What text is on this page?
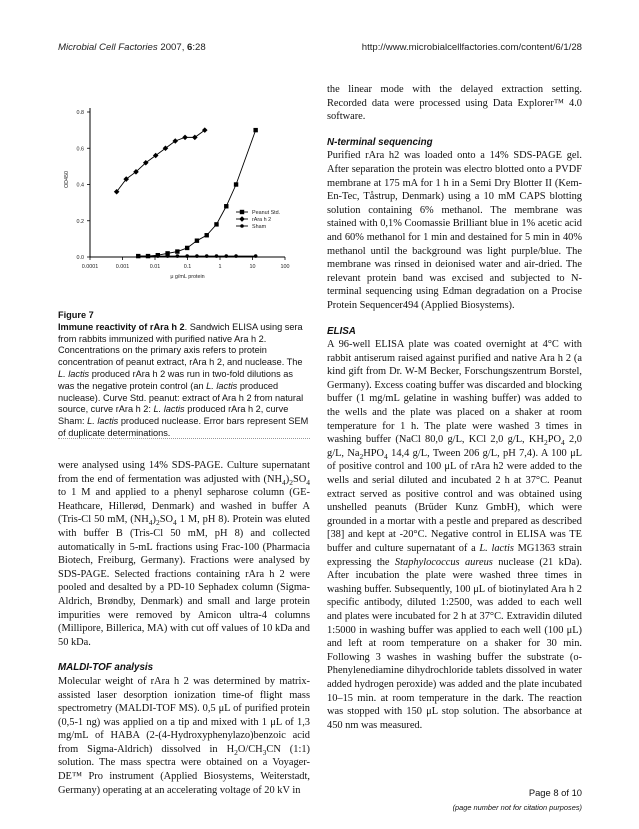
Microbial Cell Factories 2007, 6:28	http://www.microbialcellfactories.com/content/6/1/28
0.0001	0.001	0.01	0.1	1	10	100
0.0
0.2
0.4
0.6
0.8
μ g/mL protein
OD450
Peanut Std.
rAra h 2
Sham
Figure 7
Immune reactivity of rAra h 2. Sandwich ELISA using sera from rabbits immunized with purified native Ara h 2. Concentrations on the primary axis refers to protein concentration of peanut extract, rAra h 2, and nuclease. The L. lactis produced rAra h 2 was run in two-fold dilutions as was the negative protein control (an L. lactis produced nuclease). Curve Std. peanut: extract of Ara h 2 from natural source, curve rAra h 2: L. lactis produced rAra h 2, curve Sham: L. lactis produced nuclease. Error bars represent SEM of duplicate determinations.

were analysed using 14% SDS-PAGE. Culture supernatant from the end of fermentation was adjusted with $(NH_4)_2SO_4$ to 1 M and applied to a phenyl sepharose column (GE-Heathcare, Hillerød, Denmark) and washed in buffer A (Tris-Cl 50 mM, $(NH_4)_2SO_4$ 1 M, pH 8). Protein was eluted with buffer B (Tris-Cl 50 mM, pH 8) and collected automatically in 5-mL fractions using Frac-100 (Pharmacia Biotech, Freiburg, Germany). Fractions were analysed by SDS-PAGE. Selected fractions containing rAra h 2 were pooled and desalted by a PD-10 Sephadex column (Sigma-Aldrich, Brøndby, Denmark) and small and large protein impurities were removed by Amicon ultra-4 columns (Millipore, Billerica, MA) with cut off values of 10 kDa and 50 kDa.

MALDI-TOF analysis

Molecular weight of rAra h 2 was determined by matrix-assisted laser desorption ionization time-of flight mass spectrometry (MALDI-TOF MS). 0,5 μL of purified protein (0,5-1 ng) was applied on a tip and mixed with 1 μL of 1,3 mg/mL of HABA (2-(4-Hydroxyphenylazo)benzoic acid from Sigma-Aldrich) dissolved in $H_2O/CH_3CN$ (1:1) solution. The mass spectra were obtained on a Voyager-DE™ Pro instrument (Applied Biosystems, Weiterstadt, Germany) operating at an accelerating voltage of 20 kV in

the linear mode with the delayed extraction setting. Recorded data were processed using Data Explorer™ 4.0 software.

N-terminal sequencing

Purified rAra h2 was loaded onto a 14% SDS-PAGE gel. After separation the protein was electro blotted onto a PVDF membrane at 175 mA for 1 h in a Semi Dry Blotter II (Kem-En-Tec, Tåstrup, Denmark) using a 10 mM CAPS blotting solution containing 6% methanol. The membrane was stained with 0,1% Coomassie Brilliant blue in 1% acetic acid and 60% methanol for 1 min and destained for 5 min in 40% methanol until the background was light purple/blue. The membrane was rinsed in deionised water and air-dried. The relevant protein band was excised and subjected to N-terminal sequencing using Edman degradation on a Procise Protein Sequencer494 (Applied Biosystems).

ELISA

A 96-well ELISA plate was coated overnight at 4°C with rabbit antiserum raised against purified and native Ara h 2 (a kind gift from Dr. W-M Becker, Forschungszentrum Borstel, Germany). Excess coating buffer was discarded and blocking buffer (1 mg/mL gelatine in washing buffer) was added to the wells and the plate was placed on a shaker at room temperature for 1 h. The plate were washed 3 times in washing buffer (NaCl 80,0 g/L, KCl 2,0 g/L, $KH_2PO_4$ 2,0 g/L, $Na_2HPO_4$ 14,4 g/L, Tween 206 g/L, pH 7,4). A 100 μL of positive control and 100 μL of rAra h2 were added to the wells and serial diluted and incubated 2 h at 37°C. Peanut extract served as positive control and was obtained using unshelled peanuts (Brüder Kunz GmbH), which were grounded in a mortar with a pestle and prepared as described [38] and kept at -20°C. Negative control in ELISA was TE buffer and culture supernatant of a L. lactis MG1363 strain expressing the Staphylococcus aureus nuclease (21 kDa). After incubation the plate were washed three times in washing buffer. Subsequently, 100 μL of biotinylated Ara h 2 specific antibody, diluted 1:2500, was added to each well and plates were incubated for 2 h at 37°C. Extravidin diluted 1:5000 in washing buffer was applied to each well (100 μL) and left at room temperature on a shaker for 30 min. Following 3 washes in washing buffer the substrate (o-Phenylenediamine dihydrochloride tablets dissolved in water added hydrogen peroxide) was added and the plate incubated 10–15 min. at room temperature in the dark. The reaction was stopped with 150 μL stop solution. The absorbance at 450 nm was measured.

Page 8 of 10
(page number not for citation purposes)
